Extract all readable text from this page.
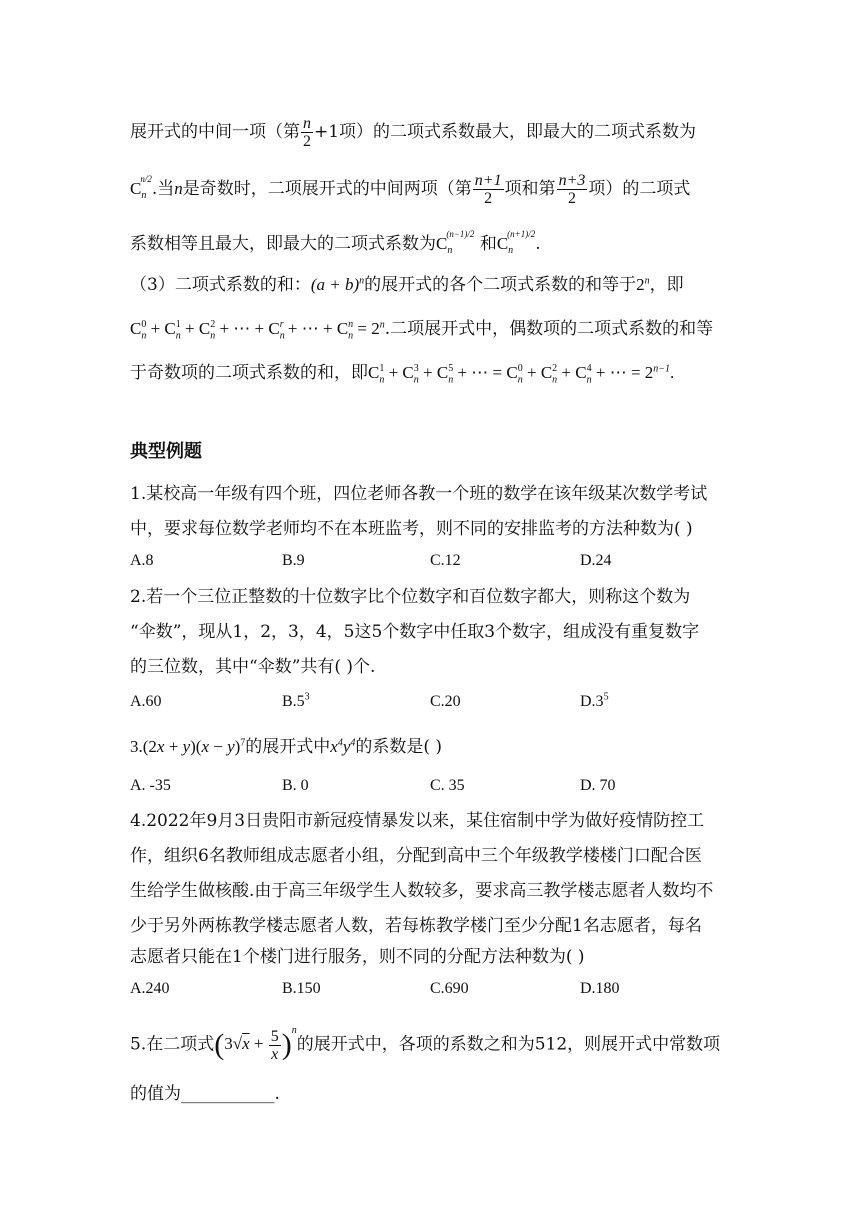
展开式的中间一项（第 $\frac{n}{2} +1$项）的二项式系数最大，即最大的二项式系数为
$C_n^{n/2}$.当n是奇数时，二项展开式的中间两项（第 $\frac{n+1}{2}$ 项和第 $\frac{n+3}{2}$ 项）的二项式
系数相等且最大，即最大的二项式系数为$C_n^{(n-1)/2}$ 和$C_n^{(n+1)/2}$.
（3）二项式系数的和：$(a + b)^n$的展开式的各个二项式系数的和等于2$^n$，即
$C_n^0 + C_n^1 + C_n^2$ + ⋯ + $C_n^r$ + ⋯ + $C_n^n = 2^n$.二项展开式中，偶数项的二项式系数的和等
于奇数项的二项式系数的和，即$C_n^1 + C_n^3 + C_n^5$ + ⋯ = $C_n^0 + C_n^2 + C_n^4$ + ⋯ = $2^{n-1}$.
典型例题
1.某校高一年级有四个班，四位老师各教一个班的数学在该年级某次数学考试
中，要求每位数学老师均不在本班监考，则不同的安排监考的方法种数为( )
A.8	B.9	C.12	D.24
2.若一个三位正整数的十位数字比个位数字和百位数字都大，则称这个数为
“伞数”，现从1，2，3，4，5这5个数字中任取3个数字，组成没有重复数字
的三位数，其中“伞数”共有( )个.
A.60	$B.5^3$	C.20	$D.3^5$
$3.(2x + y)(x - y)^7$的展开式中$x^4y^4$的系数是( )
A. -35	B. 0	C. 35	D. 70
4.2022年9月3日贵阳市新冠疫情暴发以来，某住宿制中学为做好疫情防控工
作，组织6名教师组成志愿者小组，分配到高中三个年级教学楼楼门口配合医
生给学生做核酸.由于高三年级学生人数较多，要求高三教学楼志愿者人数均不
少于另外两栋教学楼志愿者人数，若每栋教学楼门至少分配1名志愿者，每名
志愿者只能在1个楼门进行服务，则不同的分配方法种数为( )
A.240	B.150	C.690	D.180
5.在二项式$(3√x + \frac{5}{x} )^n$的展开式中，各项的系数之和为512，则展开式中常数项
的值为___________.
